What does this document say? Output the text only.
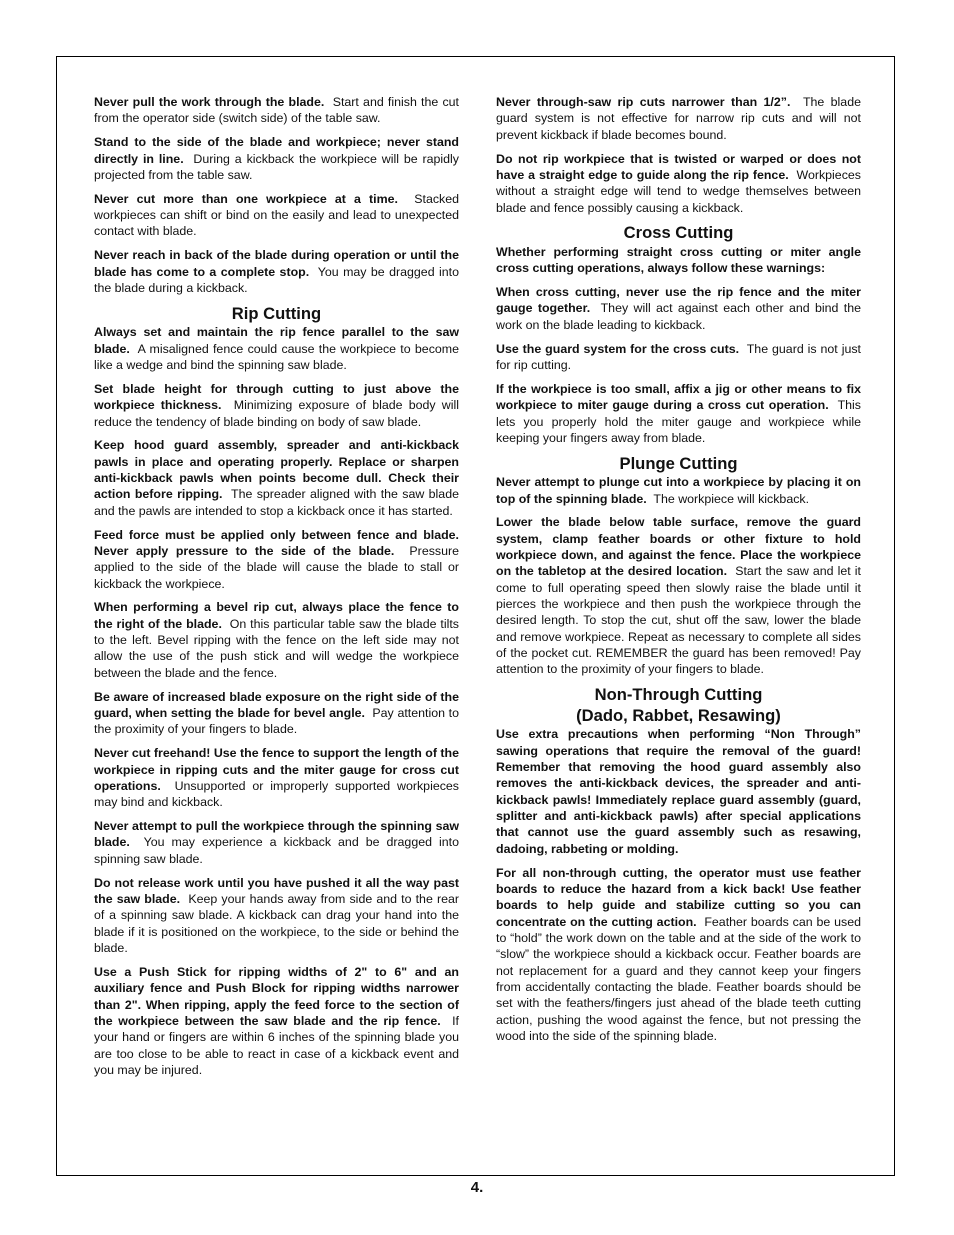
Never pull the work through the blade. Start and finish the cut from the operator side (switch side) of the table saw.

Stand to the side of the blade and workpiece; never stand directly in line. During a kickback the workpiece will be rapidly projected from the table saw.

Never cut more than one workpiece at a time. Stacked workpieces can shift or bind on the easily and lead to unexpected contact with blade.

Never reach in back of the blade during operation or until the blade has come to a complete stop. You may be dragged into the blade during a kickback.

Rip Cutting

Always set and maintain the rip fence parallel to the saw blade. A misaligned fence could cause the workpiece to become like a wedge and bind the spinning saw blade.

Set blade height for through cutting to just above the workpiece thickness. Minimizing exposure of blade body will reduce the tendency of blade binding on body of saw blade.

Keep hood guard assembly, spreader and anti-kickback pawls in place and operating properly. Replace or sharpen anti-kickback pawls when points become dull. Check their action before ripping. The spreader aligned with the saw blade and the pawls are intended to stop a kickback once it has started.

Feed force must be applied only between fence and blade. Never apply pressure to the side of the blade. Pressure applied to the side of the blade will cause the blade to stall or kickback the workpiece.

When performing a bevel rip cut, always place the fence to the right of the blade. On this particular table saw the blade tilts to the left. Bevel ripping with the fence on the left side may not allow the use of the push stick and will wedge the workpiece between the blade and the fence.

Be aware of increased blade exposure on the right side of the guard, when setting the blade for bevel angle. Pay attention to the proximity of your fingers to blade.

Never cut freehand! Use the fence to support the length of the workpiece in ripping cuts and the miter gauge for cross cut operations. Unsupported or improperly supported workpieces may bind and kickback.

Never attempt to pull the workpiece through the spinning saw blade. You may experience a kickback and be dragged into spinning saw blade.

Do not release work until you have pushed it all the way past the saw blade. Keep your hands away from side and to the rear of a spinning saw blade. A kickback can drag your hand into the blade if it is positioned on the workpiece, to the side or behind the blade.

Use a Push Stick for ripping widths of 2" to 6" and an auxiliary fence and Push Block for ripping widths narrower than 2". When ripping, apply the feed force to the section of the workpiece between the saw blade and the rip fence. If your hand or fingers are within 6 inches of the spinning blade you are too close to be able to react in case of a kickback event and you may be injured.

Never through-saw rip cuts narrower than 1/2”. The blade guard system is not effective for narrow rip cuts and will not prevent kickback if blade becomes bound.

Do not rip workpiece that is twisted or warped or does not have a straight edge to guide along the rip fence. Workpieces without a straight edge will tend to wedge themselves between blade and fence possibly causing a kickback.

Cross Cutting

Whether performing straight cross cutting or miter angle cross cutting operations, always follow these warnings:

When cross cutting, never use the rip fence and the miter gauge together. They will act against each other and bind the work on the blade leading to kickback.

Use the guard system for the cross cuts. The guard is not just for rip cutting.

If the workpiece is too small, affix a jig or other means to fix workpiece to miter gauge during a cross cut operation. This lets you properly hold the miter gauge and workpiece while keeping your fingers away from blade.

Plunge Cutting

Never attempt to plunge cut into a workpiece by placing it on top of the spinning blade. The workpiece will kickback.

Lower the blade below table surface, remove the guard system, clamp feather boards or other fixture to hold workpiece down, and against the fence. Place the workpiece on the tabletop at the desired location. Start the saw and let it come to full operating speed then slowly raise the blade until it pierces the workpiece and then push the workpiece through the desired length. To stop the cut, shut off the saw, lower the blade and remove workpiece. Repeat as necessary to complete all sides of the pocket cut. REMEMBER the guard has been removed! Pay attention to the proximity of your fingers to blade.

Non-Through Cutting
(Dado, Rabbet, Resawing)

Use extra precautions when performing “Non Through” sawing operations that require the removal of the guard! Remember that removing the hood guard assembly also removes the anti-kickback devices, the spreader and anti-kickback pawls! Immediately replace guard assembly (guard, splitter and anti-kickback pawls) after special applications that cannot use the guard assembly such as resawing, dadoing, rabbeting or molding.

For all non-through cutting, the operator must use feather boards to reduce the hazard from a kick back! Use feather boards to help guide and stabilize cutting so you can concentrate on the cutting action. Feather boards can be used to “hold” the work down on the table and at the side of the work to “slow” the workpiece should a kickback occur. Feather boards are not replacement for a guard and they cannot keep your fingers from accidentally contacting the blade. Feather boards should be set with the feathers/fingers just ahead of the blade teeth cutting action, pushing the wood against the fence, but not pressing the wood into the side of the spinning blade.

4.
